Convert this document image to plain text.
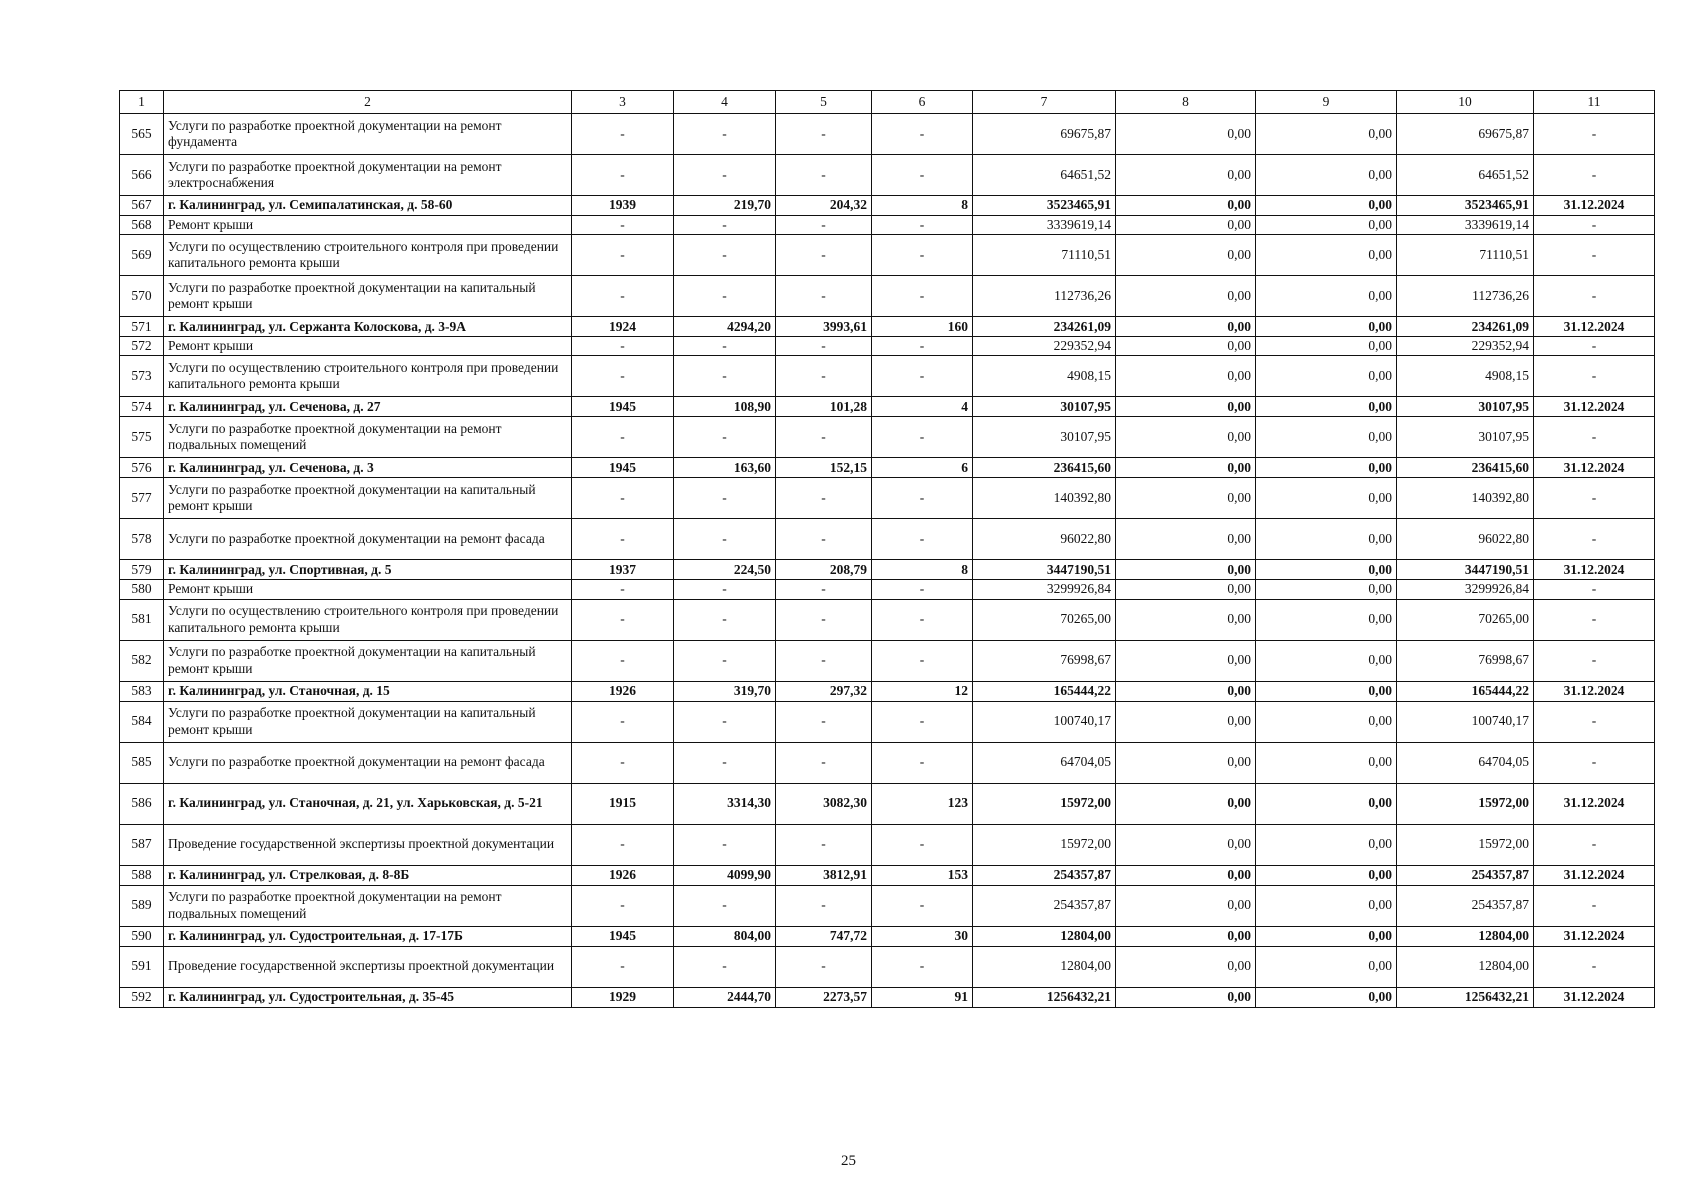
1	2	3	4	5	6	7	8	9	10	11
565	Услуги по разработке проектной документации на ремонт фундамента	-	-	-	-	69675,87	0,00	0,00	69675,87	-
566	Услуги по разработке проектной документации на ремонт электроснабжения	-	-	-	-	64651,52	0,00	0,00	64651,52	-
567	г. Калининград, ул. Семипалатинская, д. 58-60	1939	219,70	204,32	8	3523465,91	0,00	0,00	3523465,91	31.12.2024
568	Ремонт крыши	-	-	-	-	3339619,14	0,00	0,00	3339619,14	-
569	Услуги по осуществлению строительного контроля при проведении капитального ремонта крыши	-	-	-	-	71110,51	0,00	0,00	71110,51	-
570	Услуги по разработке проектной документации на капитальный ремонт крыши	-	-	-	-	112736,26	0,00	0,00	112736,26	-
571	г. Калининград, ул. Сержанта Колоскова, д. 3-9А	1924	4294,20	3993,61	160	234261,09	0,00	0,00	234261,09	31.12.2024
572	Ремонт крыши	-	-	-	-	229352,94	0,00	0,00	229352,94	-
573	Услуги по осуществлению строительного контроля при проведении капитального ремонта крыши	-	-	-	-	4908,15	0,00	0,00	4908,15	-
574	г. Калининград, ул. Сеченова, д. 27	1945	108,90	101,28	4	30107,95	0,00	0,00	30107,95	31.12.2024
575	Услуги по разработке проектной документации на ремонт подвальных помещений	-	-	-	-	30107,95	0,00	0,00	30107,95	-
576	г. Калининград, ул. Сеченова, д. 3	1945	163,60	152,15	6	236415,60	0,00	0,00	236415,60	31.12.2024
577	Услуги по разработке проектной документации на капитальный ремонт крыши	-	-	-	-	140392,80	0,00	0,00	140392,80	-
578	Услуги по разработке проектной документации на ремонт фасада	-	-	-	-	96022,80	0,00	0,00	96022,80	-
579	г. Калининград, ул. Спортивная, д. 5	1937	224,50	208,79	8	3447190,51	0,00	0,00	3447190,51	31.12.2024
580	Ремонт крыши	-	-	-	-	3299926,84	0,00	0,00	3299926,84	-
581	Услуги по осуществлению строительного контроля при проведении капитального ремонта крыши	-	-	-	-	70265,00	0,00	0,00	70265,00	-
582	Услуги по разработке проектной документации на капитальный ремонт крыши	-	-	-	-	76998,67	0,00	0,00	76998,67	-
583	г. Калининград, ул. Станочная, д. 15	1926	319,70	297,32	12	165444,22	0,00	0,00	165444,22	31.12.2024
584	Услуги по разработке проектной документации на капитальный ремонт крыши	-	-	-	-	100740,17	0,00	0,00	100740,17	-
585	Услуги по разработке проектной документации на ремонт фасада	-	-	-	-	64704,05	0,00	0,00	64704,05	-
586	г. Калининград, ул. Станочная, д. 21, ул. Харьковская, д. 5-21	1915	3314,30	3082,30	123	15972,00	0,00	0,00	15972,00	31.12.2024
587	Проведение государственной экспертизы проектной документации	-	-	-	-	15972,00	0,00	0,00	15972,00	-
588	г. Калининград, ул. Стрелковая, д. 8-8Б	1926	4099,90	3812,91	153	254357,87	0,00	0,00	254357,87	31.12.2024
589	Услуги по разработке проектной документации на ремонт подвальных помещений	-	-	-	-	254357,87	0,00	0,00	254357,87	-
590	г. Калининград, ул. Судостроительная, д. 17-17Б	1945	804,00	747,72	30	12804,00	0,00	0,00	12804,00	31.12.2024
591	Проведение государственной экспертизы проектной документации	-	-	-	-	12804,00	0,00	0,00	12804,00	-
592	г. Калининград, ул. Судостроительная, д. 35-45	1929	2444,70	2273,57	91	1256432,21	0,00	0,00	1256432,21	31.12.2024
25
